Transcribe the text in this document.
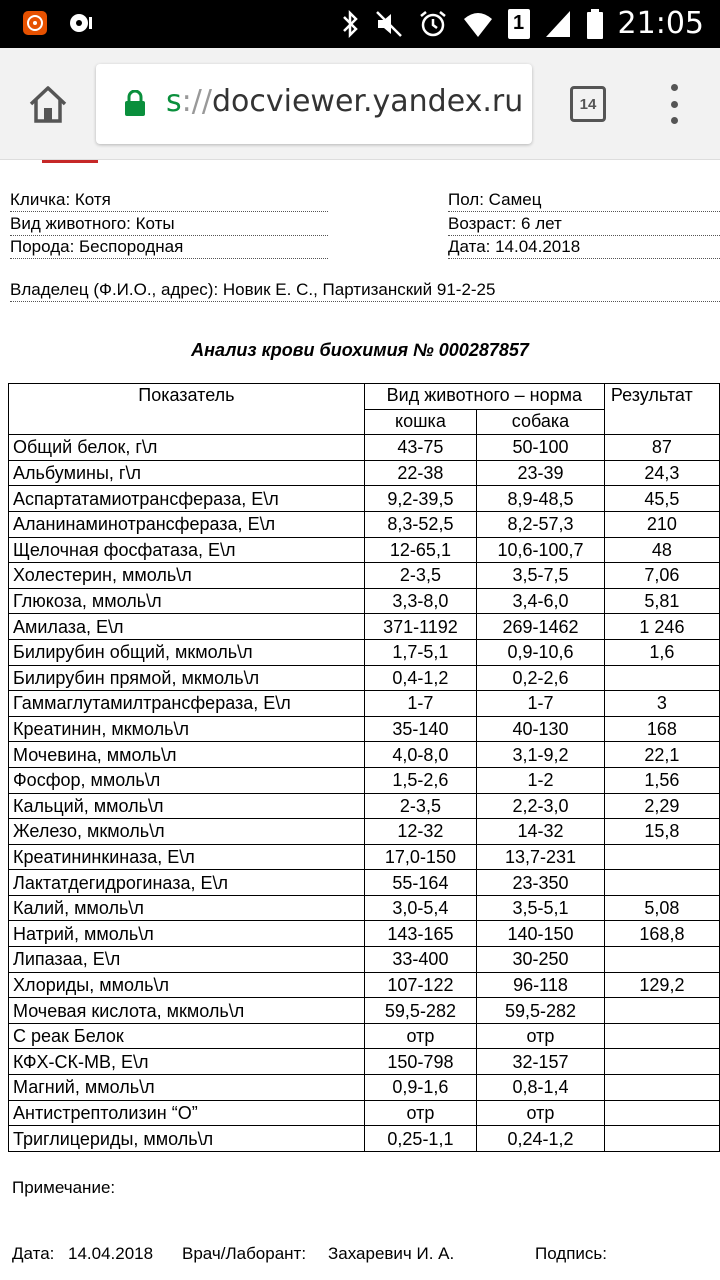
1	21:05
s://docviewer.yandex.ru	14
Кличка: Котя
Вид животного: Коты
Порода: Беспородная
Пол: Самец
Возраст: 6 лет
Дата: 14.04.2018
Владелец (Ф.И.О., адрес): Новик Е. С., Партизанский 91-2-25
Анализ крови биохимия № 000287857
Показатель	Вид животного – норма		Результат
	кошка	собака	
Общий белок, г\л	43-75	50-100	87
Альбумины, г\л	22-38	23-39	24,3
Аспартатамиотрансфераза, Е\л	9,2-39,5	8,9-48,5	45,5
Аланинаминотрансфераза, Е\л	8,3-52,5	8,2-57,3	210
Щелочная фосфатаза, Е\л	12-65,1	10,6-100,7	48
Холестерин, ммоль\л	2-3,5	3,5-7,5	7,06
Глюкоза, ммоль\л	3,3-8,0	3,4-6,0	5,81
Амилаза, Е\л	371-1192	269-1462	1 246
Билирубин общий, мкмоль\л	1,7-5,1	0,9-10,6	1,6
Билирубин прямой, мкмоль\л	0,4-1,2	0,2-2,6	
Гаммаглутамилтрансфераза, Е\л	1-7	1-7	3
Креатинин, мкмоль\л	35-140	40-130	168
Мочевина, ммоль\л	4,0-8,0	3,1-9,2	22,1
Фосфор, ммоль\л	1,5-2,6	1-2	1,56
Кальций, ммоль\л	2-3,5	2,2-3,0	2,29
Железо, мкмоль\л	12-32	14-32	15,8
Креатининкиназа, Е\л	17,0-150	13,7-231	
Лактатдегидрогиназа, Е\л	55-164	23-350	
Калий, ммоль\л	3,0-5,4	3,5-5,1	5,08
Натрий, ммоль\л	143-165	140-150	168,8
Липазаа, Е\л	33-400	30-250	
Хлориды, ммоль\л	107-122	96-118	129,2
Мочевая кислота, мкмоль\л	59,5-282	59,5-282	
С реак Белок	отр	отр	
КФХ-СК-МВ, Е\л	150-798	32-157	
Магний, ммоль\л	0,9-1,6	0,8-1,4	
Антистрептолизин “О”	отр	отр	
Триглицериды, ммоль\л	0,25-1,1	0,24-1,2	
Примечание:
Дата: 14.04.2018 Врач/Лаборант: Захаревич И. А.	Подпись:
